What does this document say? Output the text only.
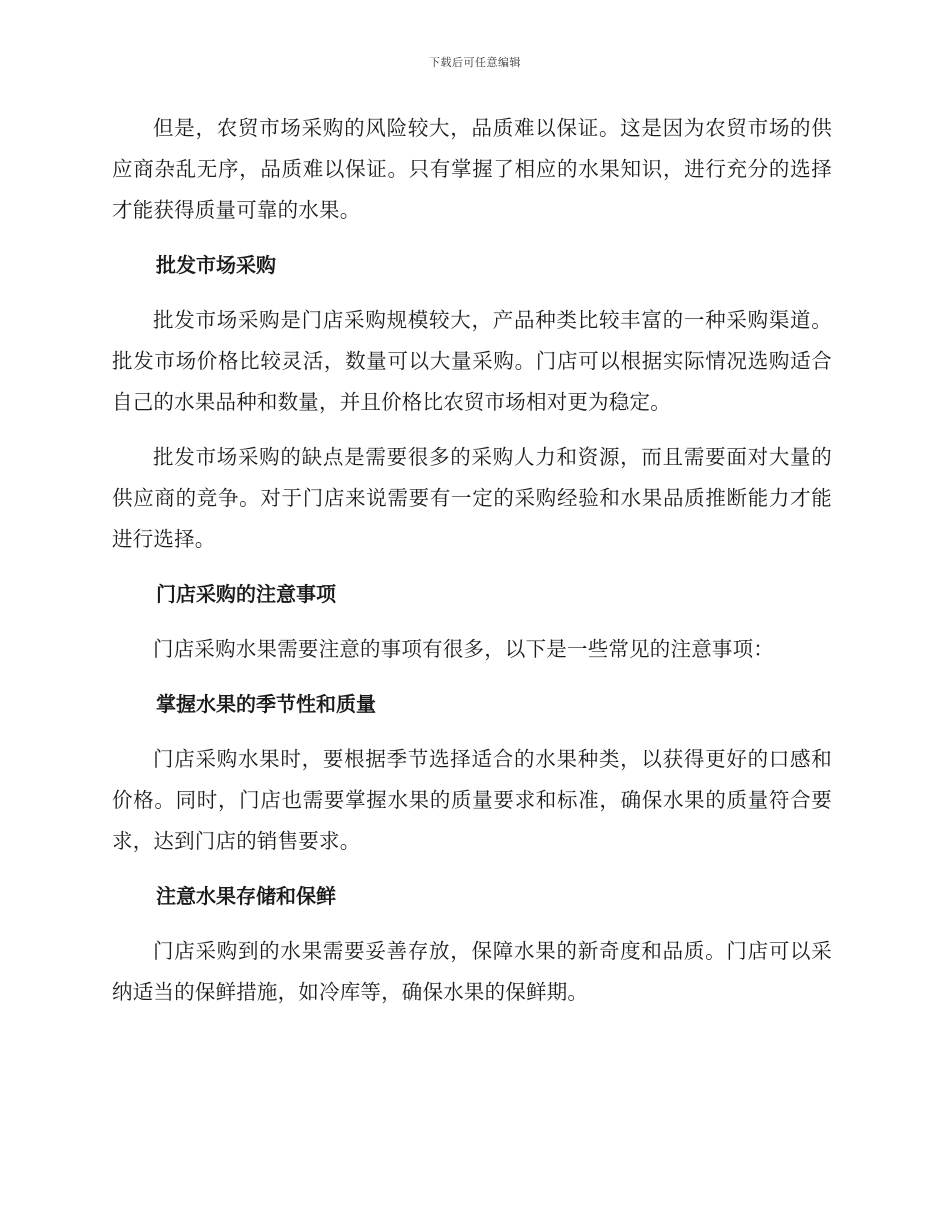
下载后可任意编辑

但是，农贸市场采购的风险较大，品质难以保证。这是因为农贸市场的供应商杂乱无序，品质难以保证。只有掌握了相应的水果知识，进行充分的选择才能获得质量可靠的水果。

批发市场采购

批发市场采购是门店采购规模较大，产品种类比较丰富的一种采购渠道。批发市场价格比较灵活，数量可以大量采购。门店可以根据实际情况选购适合自己的水果品种和数量，并且价格比农贸市场相对更为稳定。

批发市场采购的缺点是需要很多的采购人力和资源，而且需要面对大量的供应商的竞争。对于门店来说需要有一定的采购经验和水果品质推断能力才能进行选择。

门店采购的注意事项

门店采购水果需要注意的事项有很多，以下是一些常见的注意事项：

掌握水果的季节性和质量

门店采购水果时，要根据季节选择适合的水果种类，以获得更好的口感和价格。同时，门店也需要掌握水果的质量要求和标准，确保水果的质量符合要求，达到门店的销售要求。

注意水果存储和保鲜

门店采购到的水果需要妥善存放，保障水果的新奇度和品质。门店可以采纳适当的保鲜措施，如冷库等，确保水果的保鲜期。
